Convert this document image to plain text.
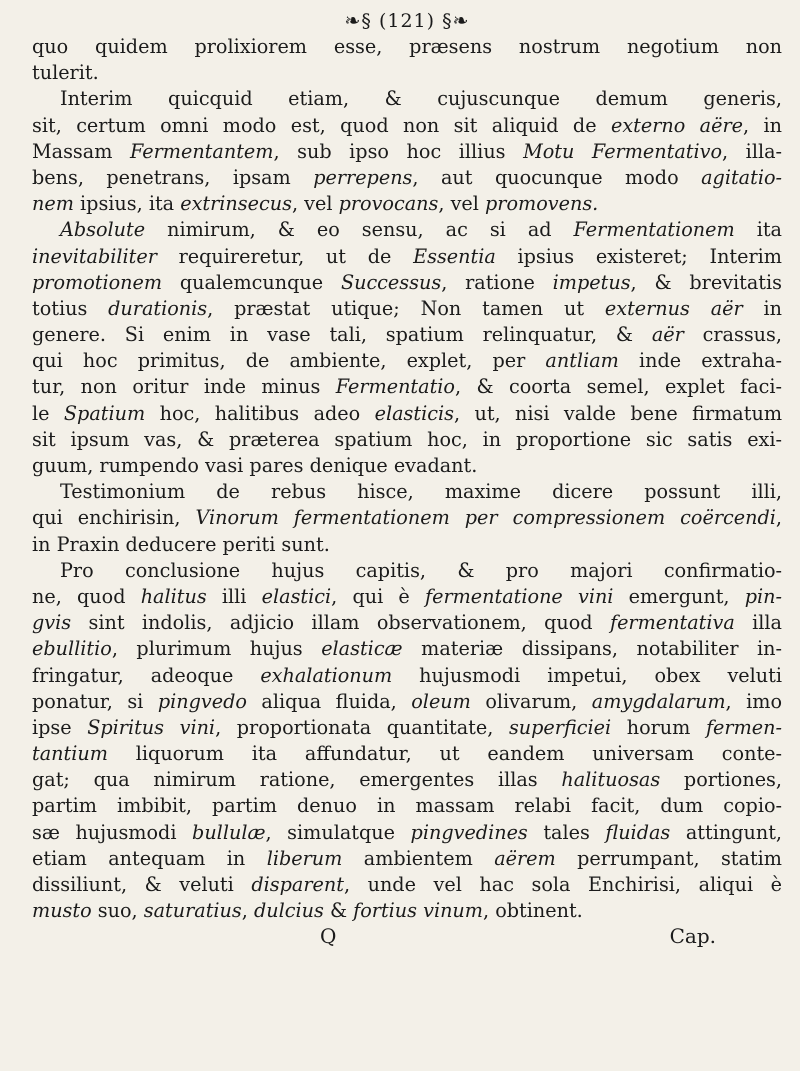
❧§ (121) §❧
quo quidem prolixiorem esse, præsens nostrum negotium non
tulerit.
Interim quicquid etiam, & cujuscunque demum generis,
sit, certum omni modo est, quod non sit aliquid de externo aëre, in
Massam Fermentantem, sub ipso hoc illius Motu Fermentativo, illa-
bens, penetrans, ipsam perrepens, aut quocunque modo agitatio-
nem ipsius, ita extrinsecus, vel provocans, vel promovens.
Absolute nimirum, & eo sensu, ac si ad Fermentationem ita
inevitabiliter requireretur, ut de Essentia ipsius existeret; Interim
promotionem qualemcunque Successus, ratione impetus, & brevitatis
totius durationis, præstat utique; Non tamen ut externus aër in
genere. Si enim in vase tali, spatium relinquatur, & aër crassus,
qui hoc primitus, de ambiente, explet, per antliam inde extraha-
tur, non oritur inde minus Fermentatio, & coorta semel, explet faci-
le Spatium hoc, halitibus adeo elasticis, ut, nisi valde bene firmatum
sit ipsum vas, & præterea spatium hoc, in proportione sic satis exi-
guum, rumpendo vasi pares denique evadant.
Testimonium de rebus hisce, maxime dicere possunt illi,
qui enchirisin, Vinorum fermentationem per compressionem coërcendi,
in Praxin deducere periti sunt.
Pro conclusione hujus capitis, & pro majori confirmatio-
ne, quod halitus illi elastici, qui è fermentatione vini emergunt, pin-
gvis sint indolis, adjicio illam observationem, quod fermentativa illa
ebullitio, plurimum hujus elasticæ materiæ dissipans, notabiliter in-
fringatur, adeoque exhalationum hujusmodi impetui, obex veluti
ponatur, si pingvedo aliqua fluida, oleum olivarum, amygdalarum, imo
ipse Spiritus vini, proportionata quantitate, superficiei horum fermen-
tantium liquorum ita affundatur, ut eandem universam conte-
gat; qua nimirum ratione, emergentes illas halituosas portiones,
partim imbibit, partim denuo in massam relabi facit, dum copio-
sæ hujusmodi bullulæ, simulatque pingvedines tales fluidas attingunt,
etiam antequam in liberum ambientem aërem perrumpant, statim
dissiliunt, & veluti disparent, unde vel hac sola Enchirisi, aliqui è
musto suo, saturatius, dulcius & fortius vinum, obtinent.
Q	Cap.
